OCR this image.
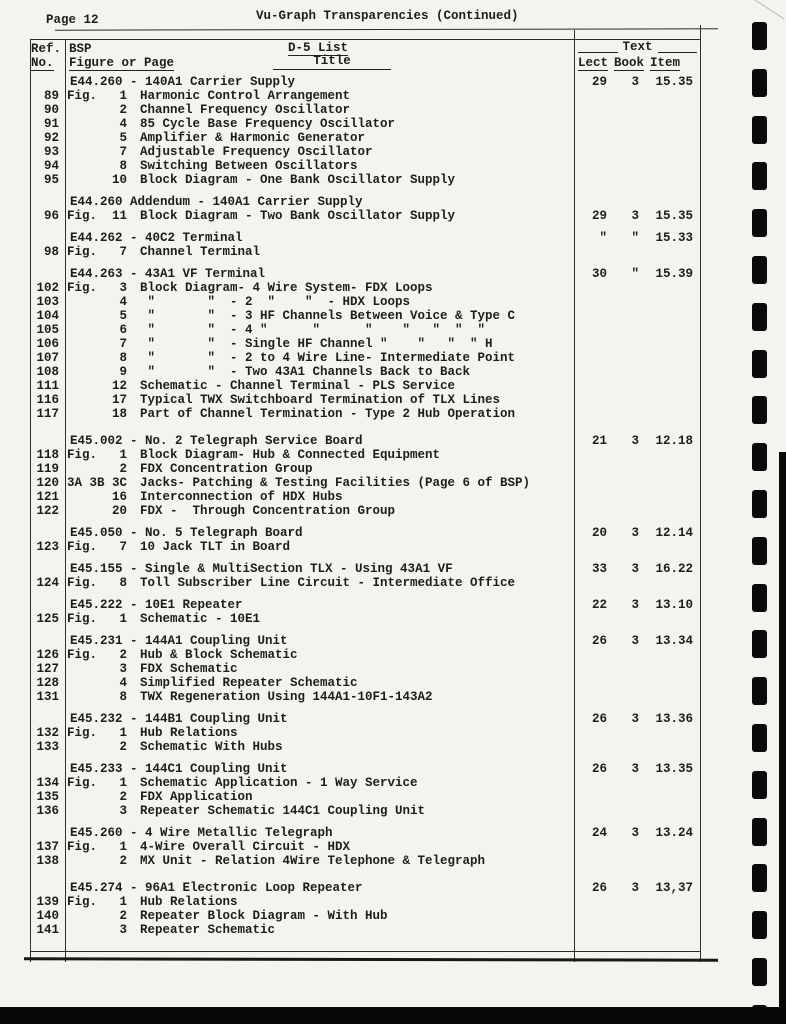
Page 12	Vu-Graph Transparencies (Continued)
Ref.
No.
BSP
Figure or Page
D-5 List
Title
Text
Lect Book Item
E44.260 - 140A1 Carrier Supply	29	3	15.35
89 Fig.   1	Harmonic Control Arrangement
90	2	Channel Frequency Oscillator
91	4	85 Cycle Base Frequency Oscillator
92	5	Amplifier & Harmonic Generator
93	7	Adjustable Frequency Oscillator
94	8	Switching Between Oscillators
95	10	Block Diagram - One Bank Oscillator Supply
E44.260 Addendum - 140A1 Carrier Supply
96 Fig.  11	Block Diagram - Two Bank Oscillator Supply	29	3	15.35
E44.262 - 40C2 Terminal	"	"	15.33
98 Fig.   7	Channel Terminal
E44.263 - 43A1 VF Terminal	30	"	15.39
102 Fig.   3	Block Diagram- 4 Wire System- FDX Loops
103	4	"       "  - 2  "    "  - HDX Loops
104	5	"       "  - 3 HF Channels Between Voice & Type C
105	6	"       "  - 4 "      "      "    "   "  "  "
106	7	"       "  - Single HF Channel "    "   "  " H
107	8	"       "  - 2 to 4 Wire Line- Intermediate Point
108	9	"       "  - Two 43A1 Channels Back to Back
111	12	Schematic - Channel Terminal - PLS Service
116	17	Typical TWX Switchboard Termination of TLX Lines
117	18	Part of Channel Termination - Type 2 Hub Operation
E45.002 - No. 2 Telegraph Service Board	21	3	12.18
118 Fig.   1	Block Diagram- Hub & Connected Equipment
119	2	FDX Concentration Group
120 3A 3B 3C	Jacks- Patching & Testing Facilities (Page 6 of BSP)
121	16	Interconnection of HDX Hubs
122	20	FDX -  Through Concentration Group
E45.050 - No. 5 Telegraph Board	20	3	12.14
123 Fig.   7	10 Jack TLT in Board
E45.155 - Single & MultiSection TLX - Using 43A1 VF	33	3	16.22
124 Fig.   8	Toll Subscriber Line Circuit - Intermediate Office
E45.222 - 10E1 Repeater	22	3	13.10
125 Fig.   1	Schematic - 10E1
E45.231 - 144A1 Coupling Unit	26	3	13.34
126 Fig.   2	Hub & Block Schematic
127	3	FDX Schematic
128	4	Simplified Repeater Schematic
131	8	TWX Regeneration Using 144A1-10F1-143A2
E45.232 - 144B1 Coupling Unit	26	3	13.36
132 Fig.   1	Hub Relations
133	2	Schematic With Hubs
E45.233 - 144C1 Coupling Unit	26	3	13.35
134 Fig.   1	Schematic Application - 1 Way Service
135	2	FDX Application
136	3	Repeater Schematic 144C1 Coupling Unit
E45.260 - 4 Wire Metallic Telegraph	24	3	13.24
137 Fig.   1	4-Wire Overall Circuit - HDX
138	2	MX Unit - Relation 4Wire Telephone & Telegraph
E45.274 - 96A1 Electronic Loop Repeater	26	3	13,37
139 Fig.   1	Hub Relations
140	2	Repeater Block Diagram - With Hub
141	3	Repeater Schematic
